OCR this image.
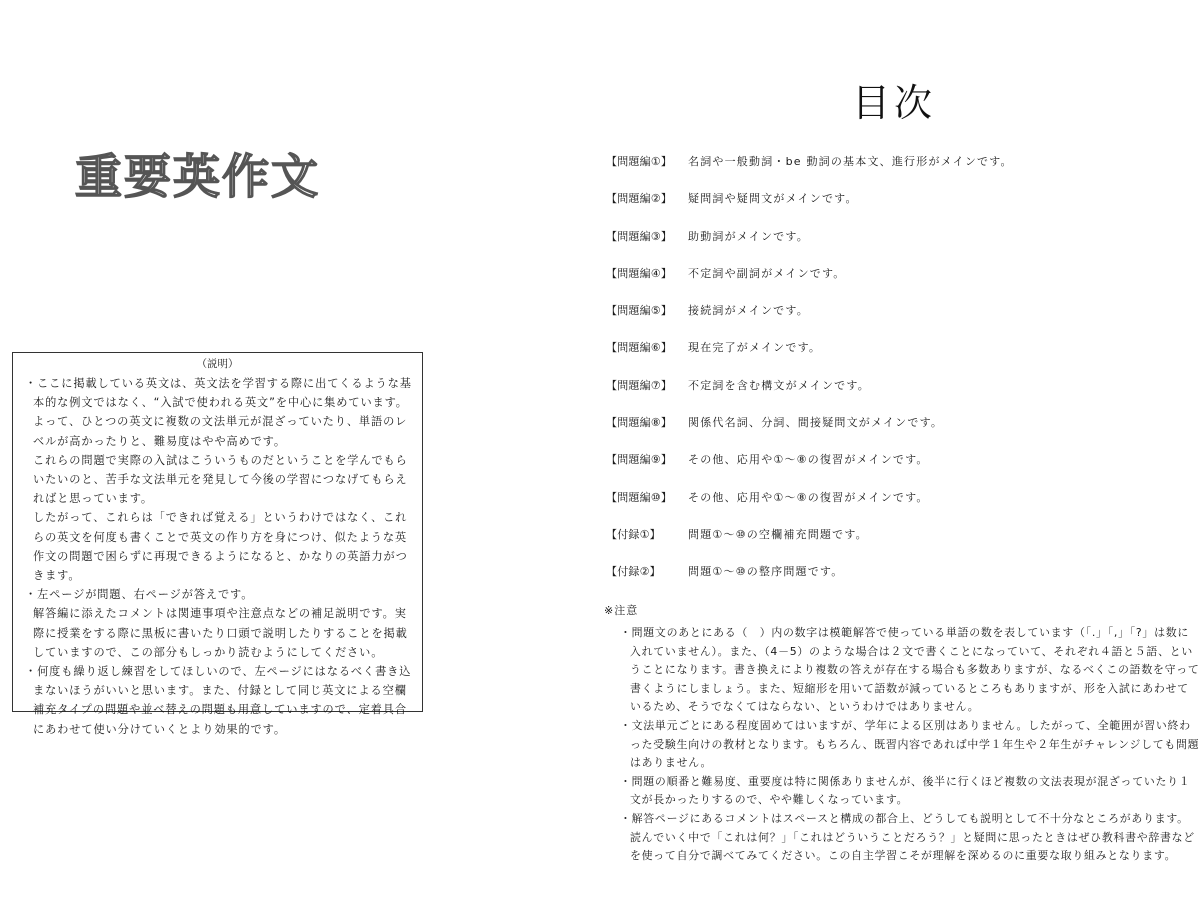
重要英作文
（説明）

・ここに掲載している英文は、英文法を学習する際に出てくるような基本的な例文ではなく、“入試で使われる英文”を中心に集めています。よって、ひとつの英文に複数の文法単元が混ざっていたり、単語のレベルが高かったりと、難易度はやや高めです。

これらの問題で実際の入試はこういうものだということを学んでもらいたいのと、苦手な文法単元を発見して今後の学習につなげてもらえればと思っています。

したがって、これらは「できれば覚える」というわけではなく、これらの英文を何度も書くことで英文の作り方を身につけ、似たような英作文の問題で困らずに再現できるようになると、かなりの英語力がつきます。

・左ページが問題、右ページが答えです。

解答編に添えたコメントは関連事項や注意点などの補足説明です。実際に授業をする際に黒板に書いたり口頭で説明したりすることを掲載していますので、この部分もしっかり読むようにしてください。

・何度も繰り返し練習をしてほしいので、左ページにはなるべく書き込まないほうがいいと思います。また、付録として同じ英文による空欄補充タイプの問題や並べ替えの問題も用意していますので、定着具合にあわせて使い分けていくとより効果的です。

目次
【問題編①】	名詞や一般動詞・be 動詞の基本文、進行形がメインです。
【問題編②】	疑問詞や疑問文がメインです。
【問題編③】	助動詞がメインです。
【問題編④】	不定詞や副詞がメインです。
【問題編⑤】	接続詞がメインです。
【問題編⑥】	現在完了がメインです。
【問題編⑦】	不定詞を含む構文がメインです。
【問題編⑧】	関係代名詞、分詞、間接疑問文がメインです。
【問題編⑨】	その他、応用や①～⑧の復習がメインです。
【問題編⑩】	その他、応用や①～⑧の復習がメインです。
【付録①】	問題①～⑩の空欄補充問題です。
【付録②】	問題①～⑩の整序問題です。
※注意

・問題文のあとにある（　）内の数字は模範解答で使っている単語の数を表しています（「.」「,」「?」は数に入れていません）。また、（4－5）のような場合は２文で書くことになっていて、それぞれ４語と５語、ということになります。書き換えにより複数の答えが存在する場合も多数ありますが、なるべくこの語数を守って書くようにしましょう。また、短縮形を用いて語数が減っているところもありますが、形を入試にあわせているため、そうでなくてはならない、というわけではありません。

・文法単元ごとにある程度固めてはいますが、学年による区別はありません。したがって、全範囲が習い終わった受験生向けの教材となります。もちろん、既習内容であれば中学１年生や２年生がチャレンジしても問題はありません。

・問題の順番と難易度、重要度は特に関係ありませんが、後半に行くほど複数の文法表現が混ざっていたり１文が長かったりするので、やや難しくなっています。

・解答ページにあるコメントはスペースと構成の都合上、どうしても説明として不十分なところがあります。読んでいく中で「これは何？」「これはどういうことだろう？」と疑問に思ったときはぜひ教科書や辞書などを使って自分で調べてみてください。この自主学習こそが理解を深めるのに重要な取り組みとなります。
